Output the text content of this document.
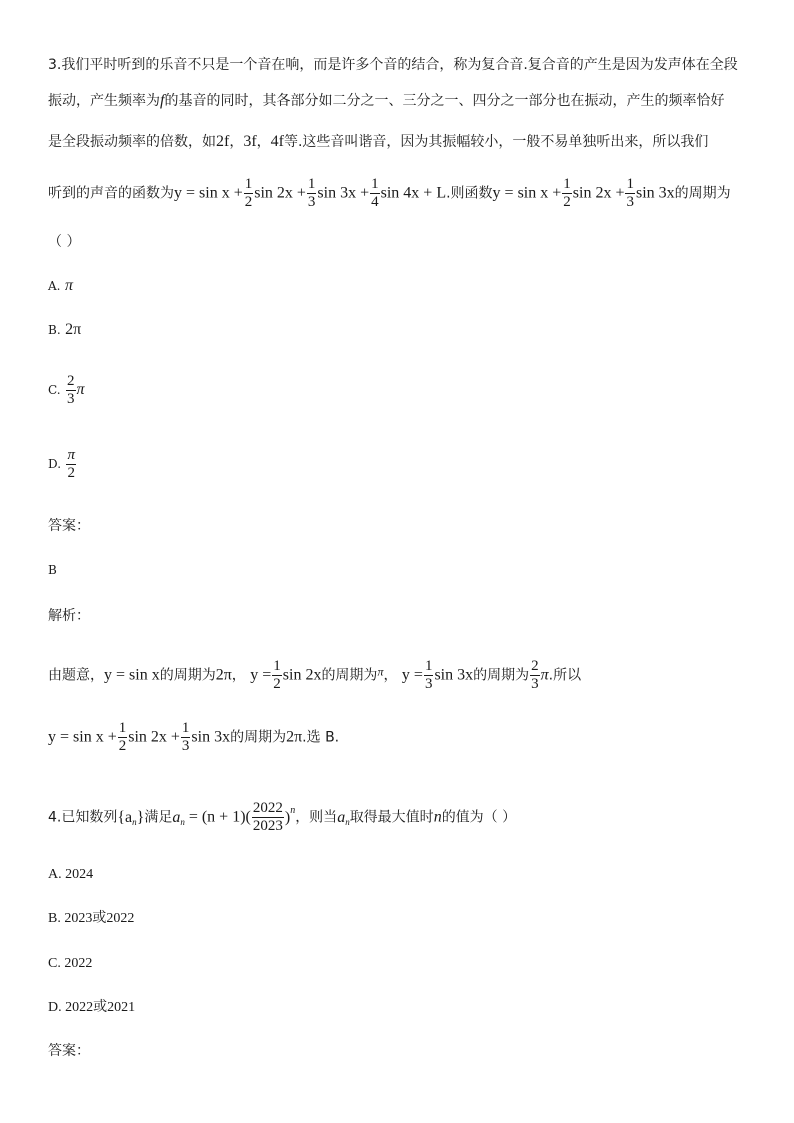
3.我们平时听到的乐音不只是一个音在响，而是许多个音的结合，称为复合音.复合音的产生是因为发声体在全段
振动，产生频率为f的基音的同时，其各部分如二分之一、三分之一、四分之一部分也在振动，产生的频率恰好
是全段振动频率的倍数，如2f，3f，4f等.这些音叫谐音，因为其振幅较小，一般不易单独听出来，所以我们
听到的声音的函数为$y = \sin x + \frac{1}{2}$ $\sin 2x + \frac{1}{3}$ $\sin 3x + \frac{1}{4}$ sin 4x + L.则函数$y = \sin x + \frac{1}{2}$ $\sin 2x + \frac{1}{3}$ sin 3x的周期为
（ ）
A. π
B. 2π
C. $\frac{2}{3}$ π
D. $\frac{\pi}{2}$
答案：
B
解析：
由题意，y = sin x的周期为2π， $y = \frac{1}{2}$ sin 2x的周期为π， $y = \frac{1}{3}$ sin 3x的周期为 $\frac{2}{3} \pi$.所以
$y = \sin x + \frac{1}{2}$ $\sin 2x + \frac{1}{3}$ sin 3x的周期为2π.选 B.
4.已知数列$\{a_n\}$满足$a_n = (n + 1)( \frac{2022}{2023} )^n$，则当$a_n$取得最大值时n的值为（ ）
A. 2024
B. 2023或2022
C. 2022
D. 2022或2021
答案：
